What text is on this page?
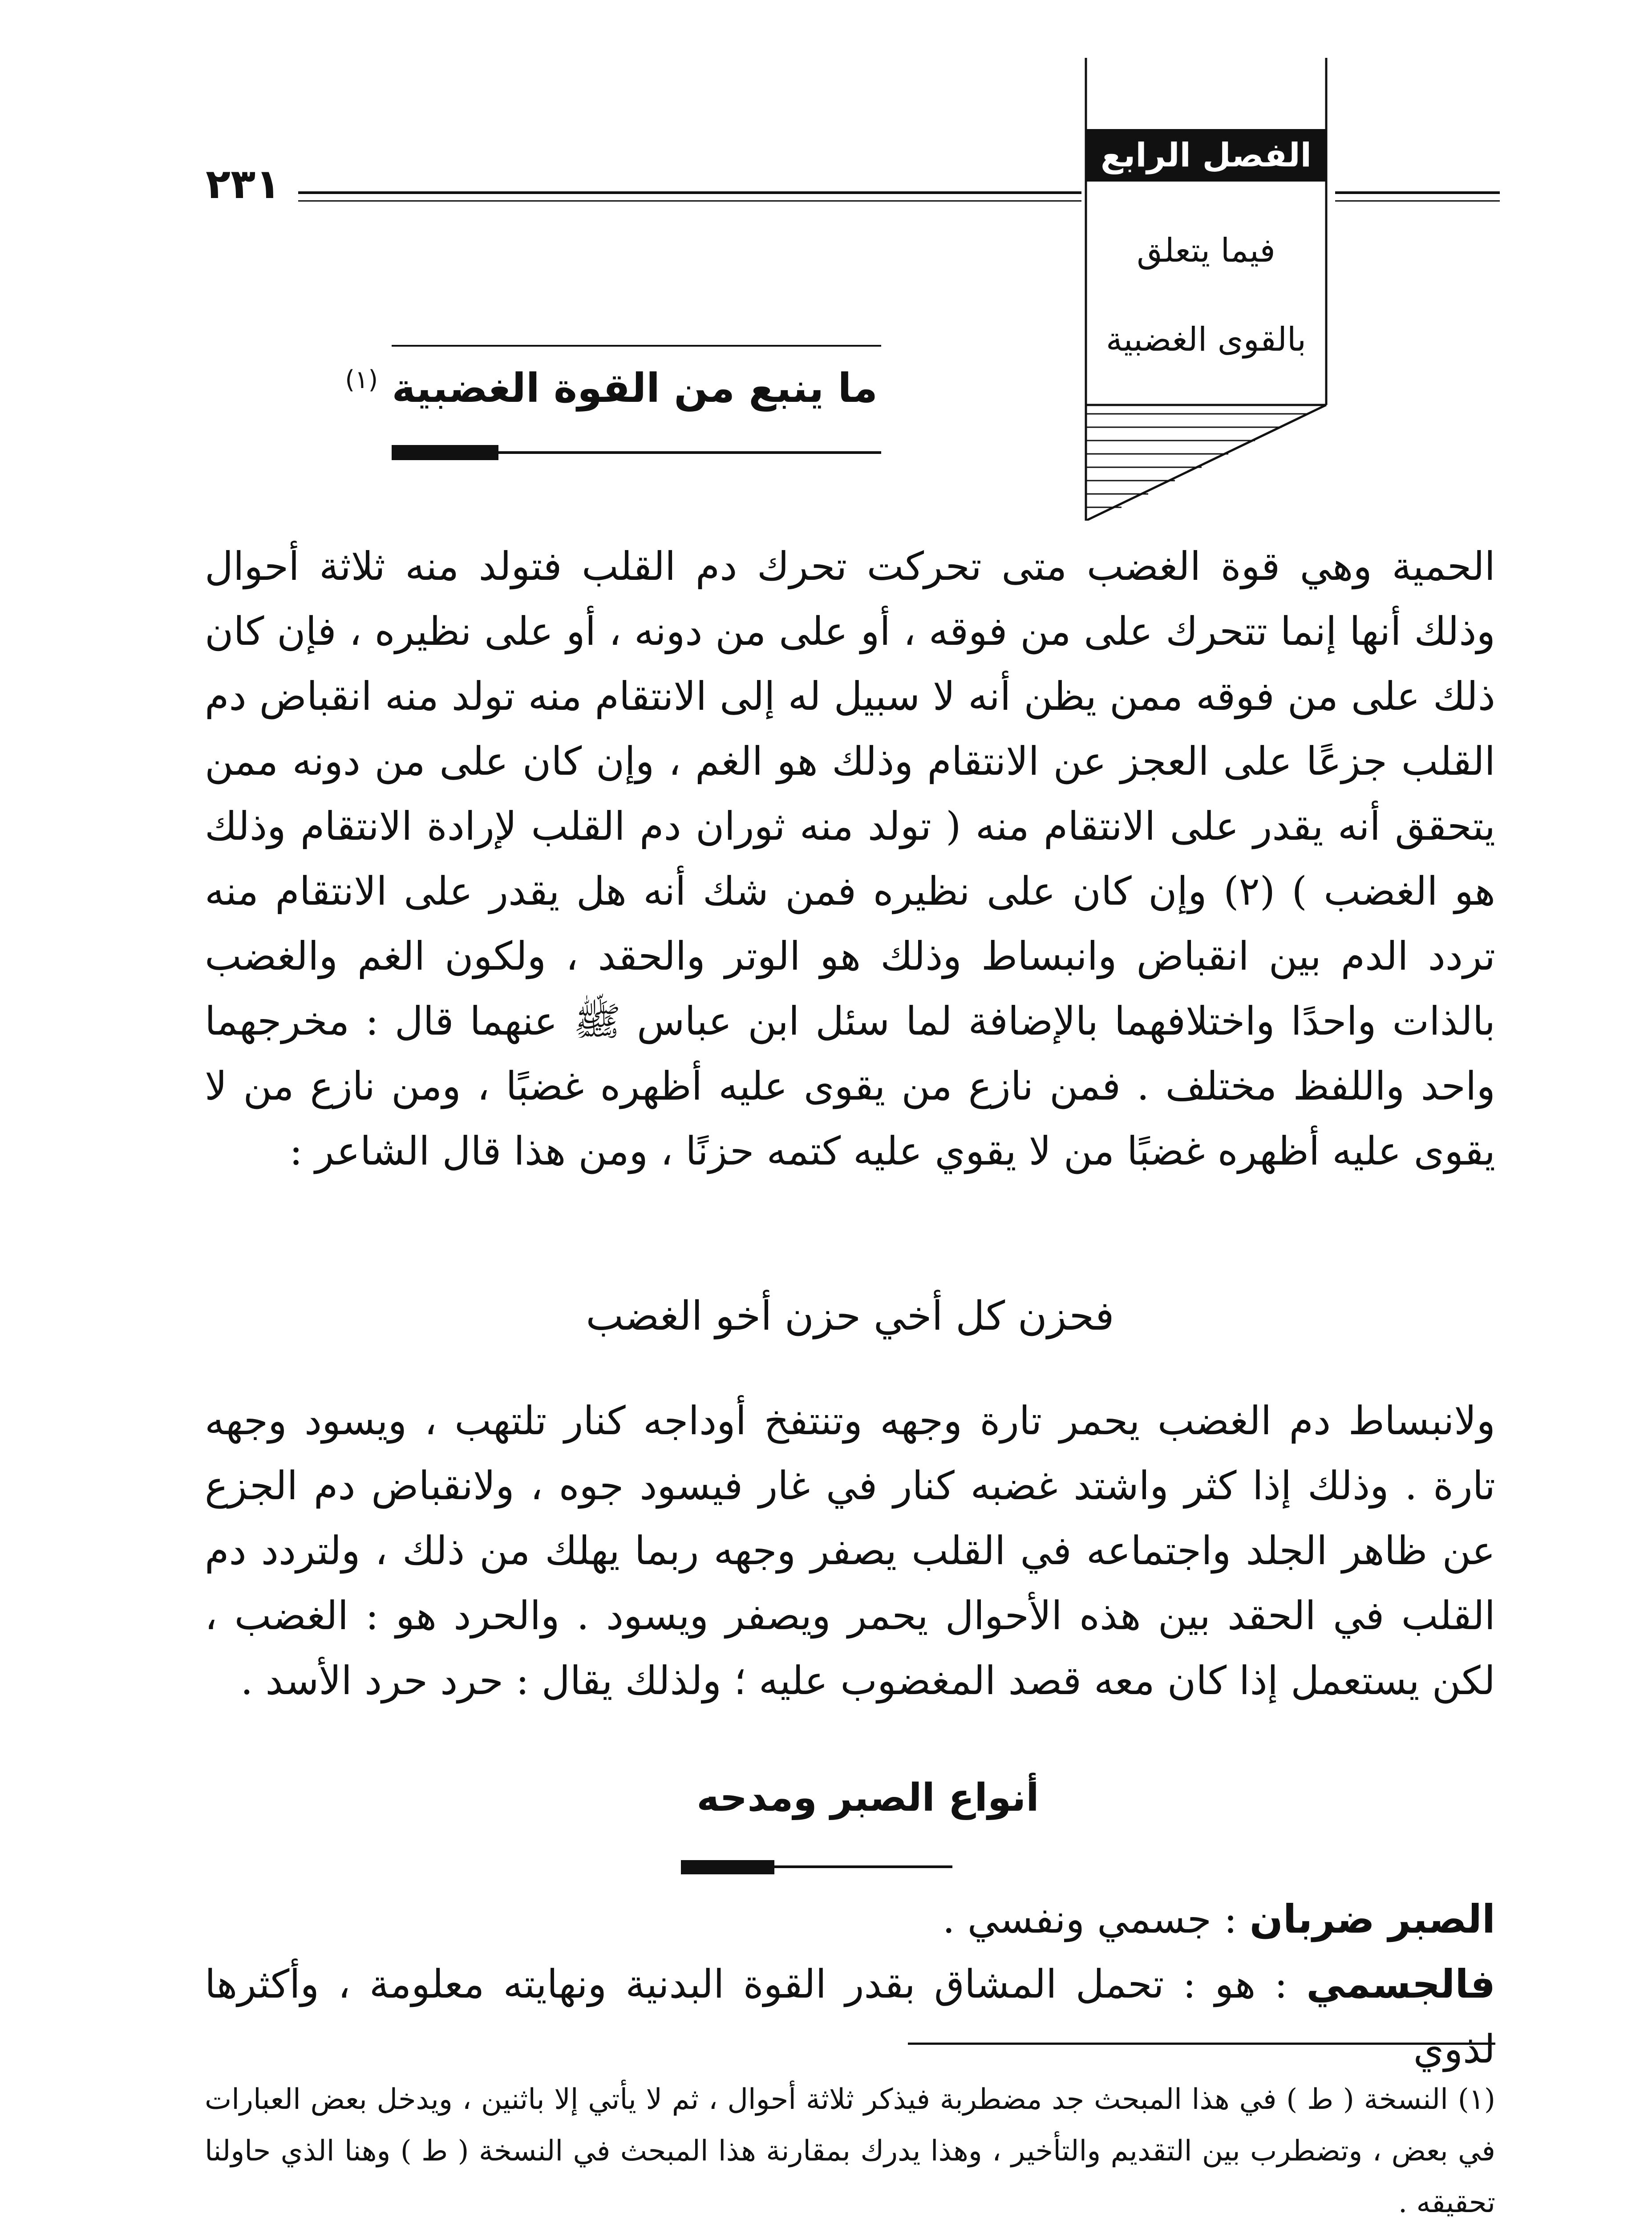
٢٣١
الفصل الرابع
فيما يتعلق
بالقوى الغضبية
ما ينبع من القوة الغضبية $^{(١)}$
الحمية وهي قوة الغضب متى تحركت تحرك دم القلب فتولد منه ثلاثة أحوال وذلك أنها إنما تتحرك على من فوقه ، أو على من دونه ، أو على نظيره ، فإن كان ذلك على من فوقه ممن يظن أنه لا سبيل له إلى الانتقام منه تولد منه انقباض دم القلب جزعًا على العجز عن الانتقام وذلك هو الغم ، وإن كان على من دونه ممن يتحقق أنه يقدر على الانتقام منه ( تولد منه ثوران دم القلب لإرادة الانتقام وذلك هو الغضب ) (٢) وإن كان على نظيره فمن شك أنه هل يقدر على الانتقام منه تردد الدم بين انقباض وانبساط وذلك هو الوتر والحقد ، ولكون الغم والغضب بالذات واحدًا واختلافهما بالإضافة لما سئل ابن عباس ﷺ عنهما قال : مخرجهما واحد واللفظ مختلف . فمن نازع من يقوى عليه أظهره غضبًا ، ومن نازع من لا يقوى عليه أظهره غضبًا من لا يقوي عليه كتمه حزنًا ، ومن هذا قال الشاعر :
فحزن كل أخي حزن أخو الغضب
ولانبساط دم الغضب يحمر تارة وجهه وتنتفخ أوداجه كنار تلتهب ، ويسود وجهه تارة . وذلك إذا كثر واشتد غضبه كنار في غار فيسود جوه ، ولانقباض دم الجزع عن ظاهر الجلد واجتماعه في القلب يصفر وجهه ربما يهلك من ذلك ، ولتردد دم القلب في الحقد بين هذه الأحوال يحمر ويصفر ويسود . والحرد هو : الغضب ، لكن يستعمل إذا كان معه قصد المغضوب عليه ؛ ولذلك يقال : حرد حرد الأسد .
أنواع الصبر ومدحه
الصبر ضربان : جسمي ونفسي .
فالجسمي : هو : تحمل المشاق بقدر القوة البدنية ونهايته معلومة ، وأكثرها لذوي
(١) النسخة ( ط ) في هذا المبحث جد مضطربة فيذكر ثلاثة أحوال ، ثم لا يأتي إلا باثنين ، ويدخل بعض العبارات في بعض ، وتضطرب بين التقديم والتأخير ، وهذا يدرك بمقارنة هذا المبحث في النسخة ( ط ) وهنا الذي حاولنا تحقيقه .
